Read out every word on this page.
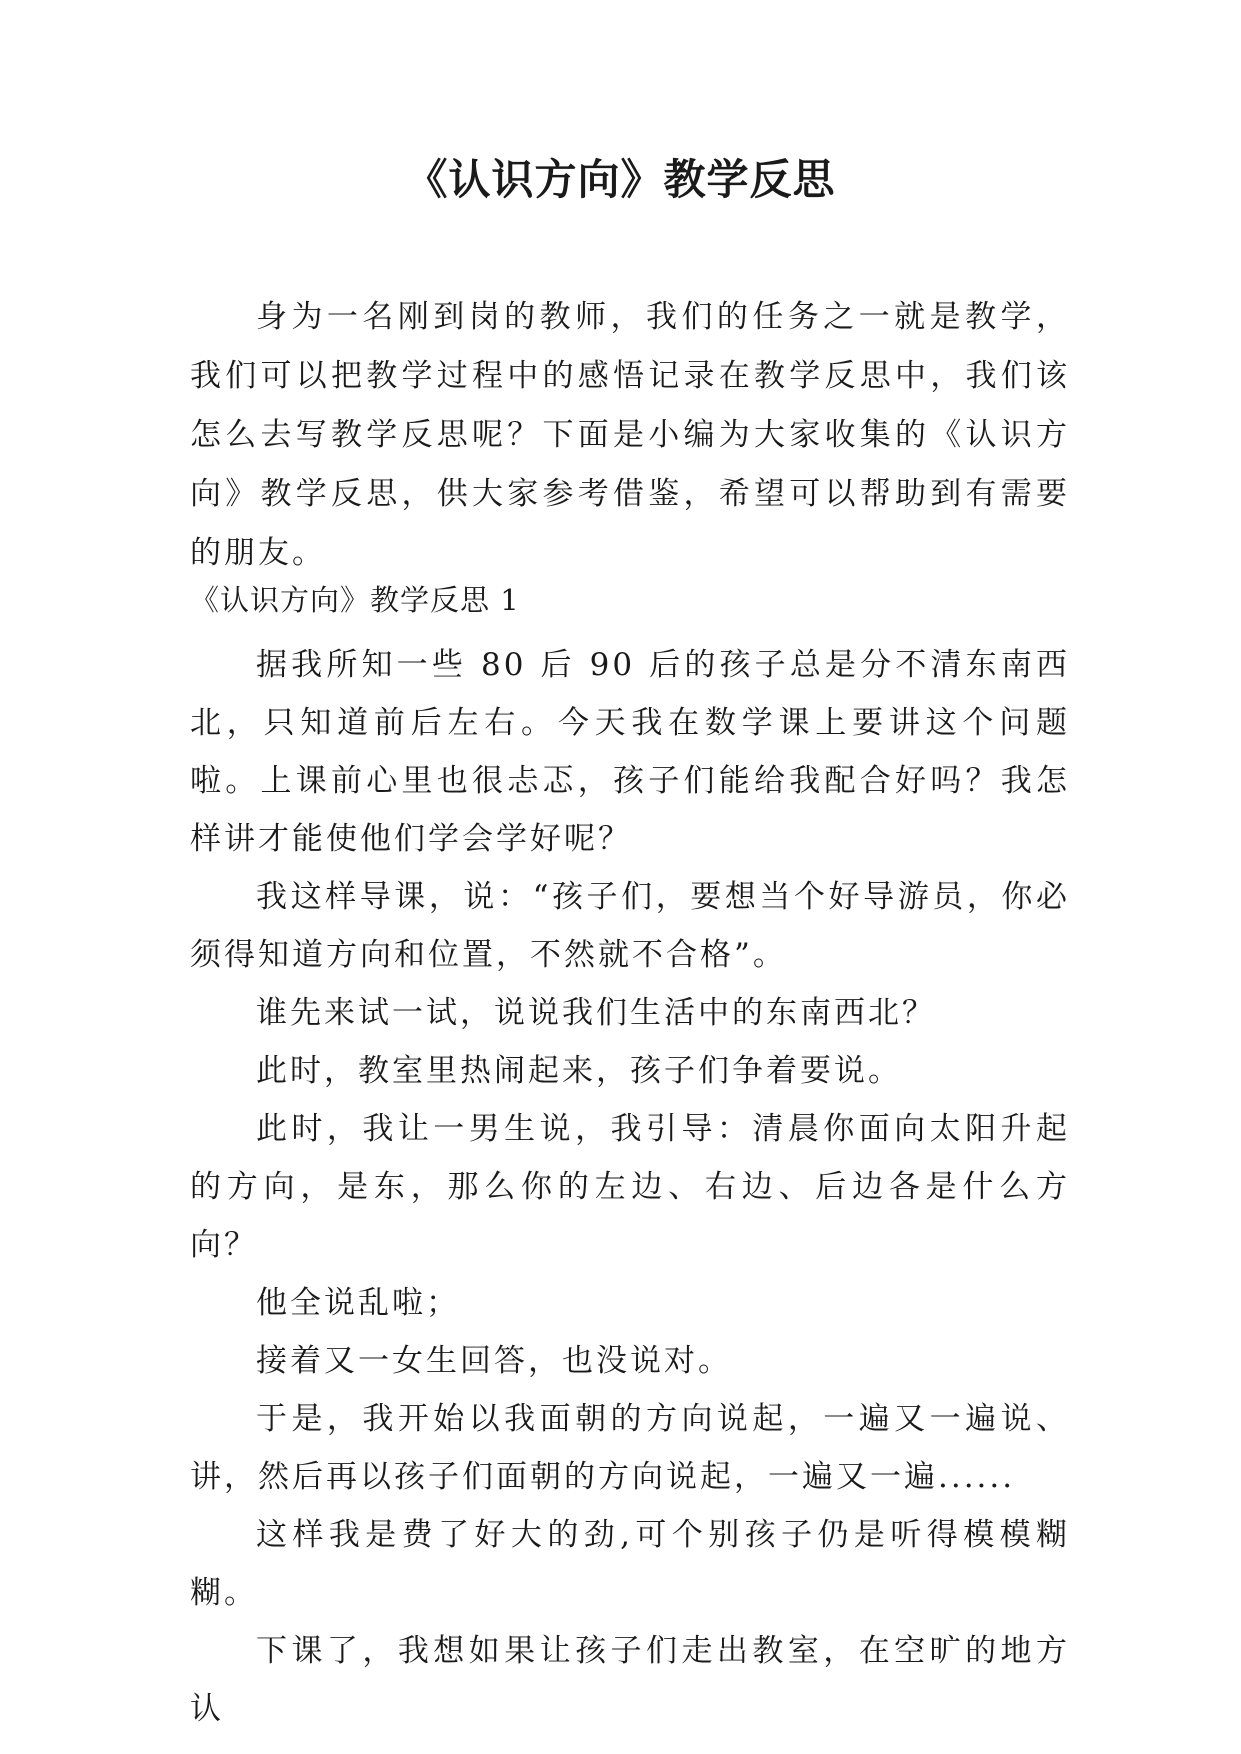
《认识方向》教学反思

身为一名刚到岗的教师，我们的任务之一就是教学，我们可以把教学过程中的感悟记录在教学反思中，我们该怎么去写教学反思呢？下面是小编为大家收集的《认识方向》教学反思，供大家参考借鉴，希望可以帮助到有需要的朋友。

《认识方向》教学反思 1

据我所知一些 80 后 90 后的孩子总是分不清东南西北，只知道前后左右。今天我在数学课上要讲这个问题啦。上课前心里也很忐忑，孩子们能给我配合好吗？我怎样讲才能使他们学会学好呢？

我这样导课，说：“孩子们，要想当个好导游员，你必须得知道方向和位置，不然就不合格”。

谁先来试一试，说说我们生活中的东南西北？

此时，教室里热闹起来，孩子们争着要说。

此时，我让一男生说，我引导：清晨你面向太阳升起的方向，是东，那么你的左边、右边、后边各是什么方向？

他全说乱啦；

接着又一女生回答，也没说对。

于是，我开始以我面朝的方向说起，一遍又一遍说、讲，然后再以孩子们面朝的方向说起，一遍又一遍......

这样我是费了好大的劲,可个别孩子仍是听得模模糊糊。

下课了，我想如果让孩子们走出教室，在空旷的地方认
